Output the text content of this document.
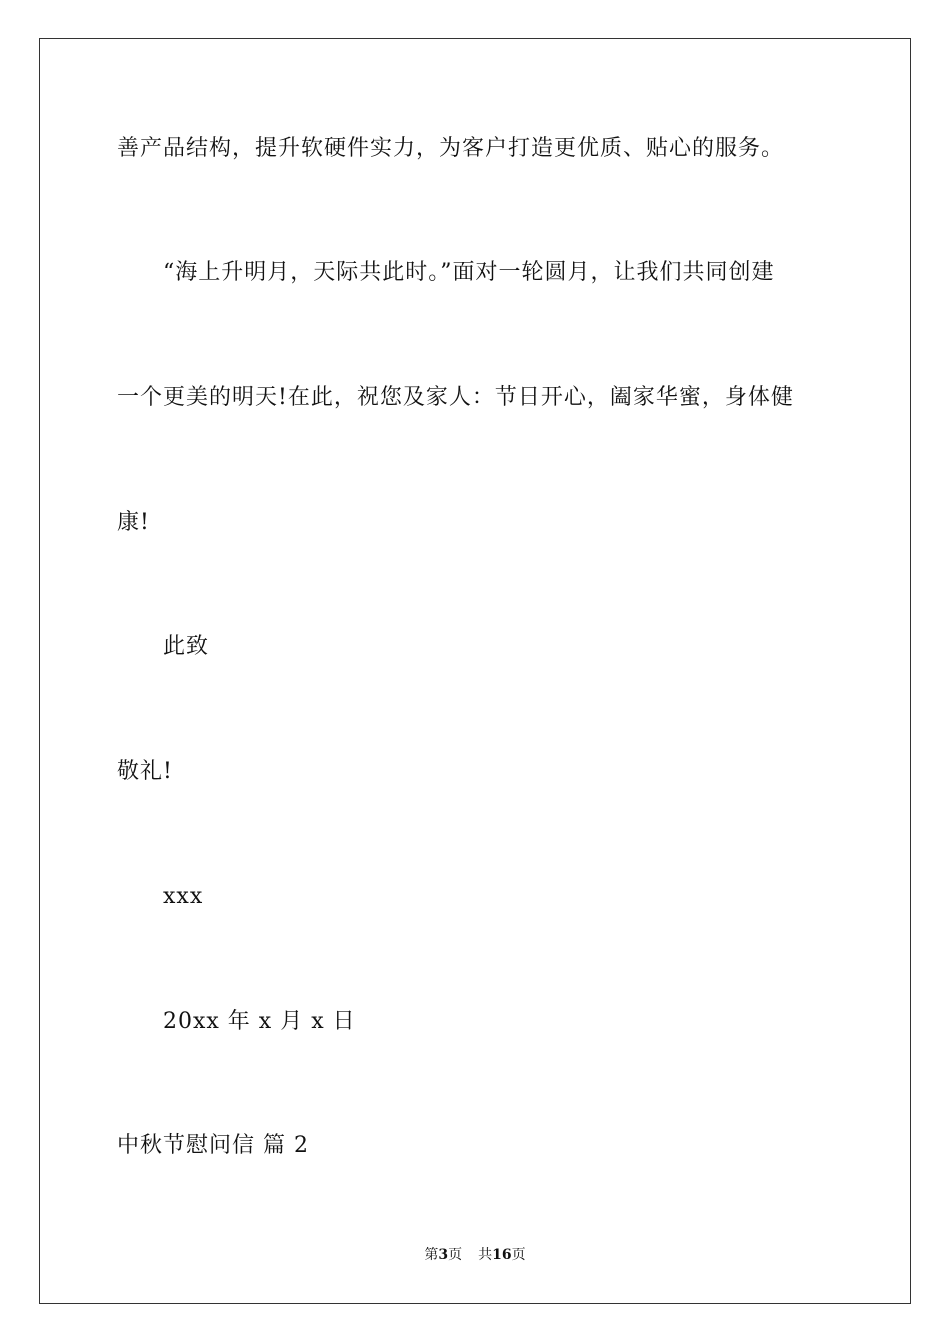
善产品结构，提升软硬件实力，为客户打造更优质、贴心的服务。
“海上升明月，天际共此时。”面对一轮圆月，让我们共同创建
一个更美的明天!在此，祝您及家人：节日开心，阖家华蜜，身体健
康!
此致
敬礼!
xxx
20xx 年 x 月 x 日
中秋节慰问信 篇 2
第3页 共16页
